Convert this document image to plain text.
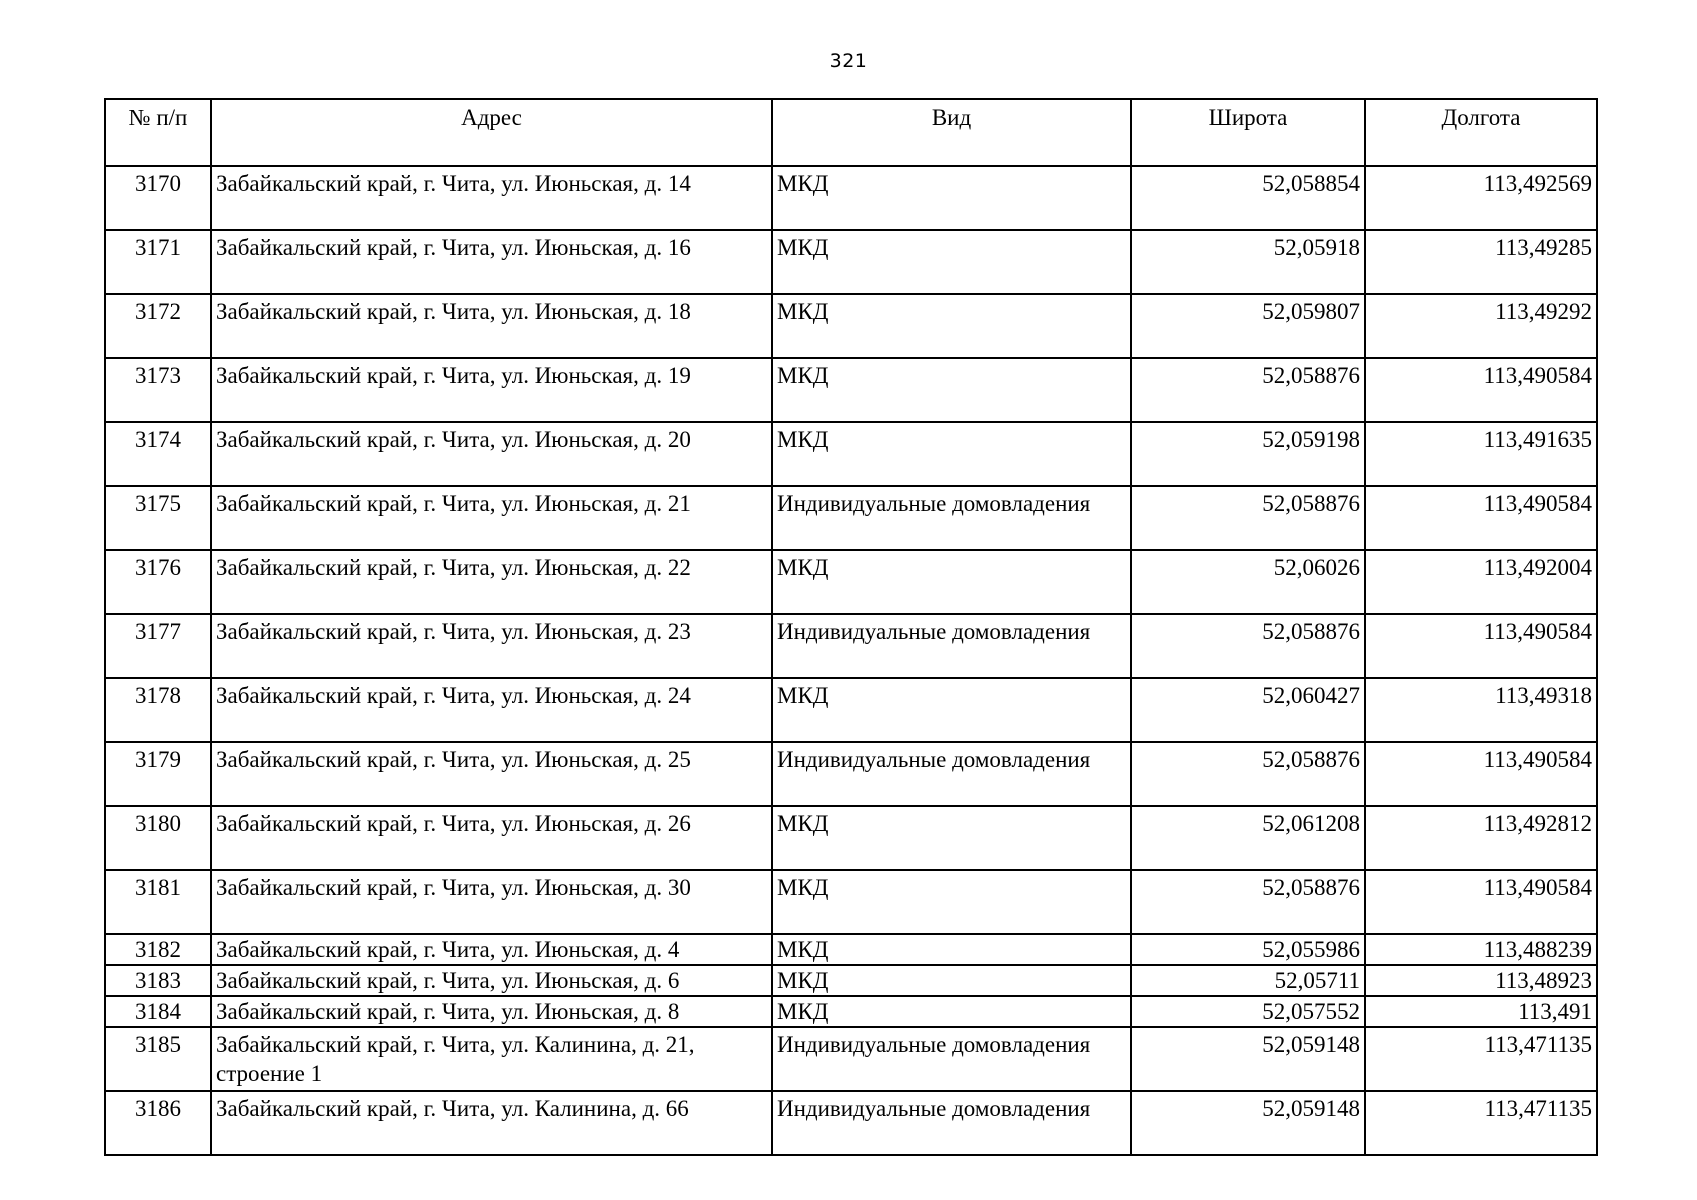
321
№ п/п	Адрес	Вид	Широта	Долгота
3170	Забайкальский край, г. Чита, ул. Июньская, д. 14	МКД	52,058854	113,492569
3171	Забайкальский край, г. Чита, ул. Июньская, д. 16	МКД	52,05918	113,49285
3172	Забайкальский край, г. Чита, ул. Июньская, д. 18	МКД	52,059807	113,49292
3173	Забайкальский край, г. Чита, ул. Июньская, д. 19	МКД	52,058876	113,490584
3174	Забайкальский край, г. Чита, ул. Июньская, д. 20	МКД	52,059198	113,491635
3175	Забайкальский край, г. Чита, ул. Июньская, д. 21	Индивидуальные домовладения	52,058876	113,490584
3176	Забайкальский край, г. Чита, ул. Июньская, д. 22	МКД	52,06026	113,492004
3177	Забайкальский край, г. Чита, ул. Июньская, д. 23	Индивидуальные домовладения	52,058876	113,490584
3178	Забайкальский край, г. Чита, ул. Июньская, д. 24	МКД	52,060427	113,49318
3179	Забайкальский край, г. Чита, ул. Июньская, д. 25	Индивидуальные домовладения	52,058876	113,490584
3180	Забайкальский край, г. Чита, ул. Июньская, д. 26	МКД	52,061208	113,492812
3181	Забайкальский край, г. Чита, ул. Июньская, д. 30	МКД	52,058876	113,490584
3182	Забайкальский край, г. Чита, ул. Июньская, д. 4	МКД	52,055986	113,488239
3183	Забайкальский край, г. Чита, ул. Июньская, д. 6	МКД	52,05711	113,48923
3184	Забайкальский край, г. Чита, ул. Июньская, д. 8	МКД	52,057552	113,491
3185	Забайкальский край, г. Чита, ул. Калинина, д. 21, строение 1	Индивидуальные домовладения	52,059148	113,471135
3186	Забайкальский край, г. Чита, ул. Калинина, д. 66	Индивидуальные домовладения	52,059148	113,471135
